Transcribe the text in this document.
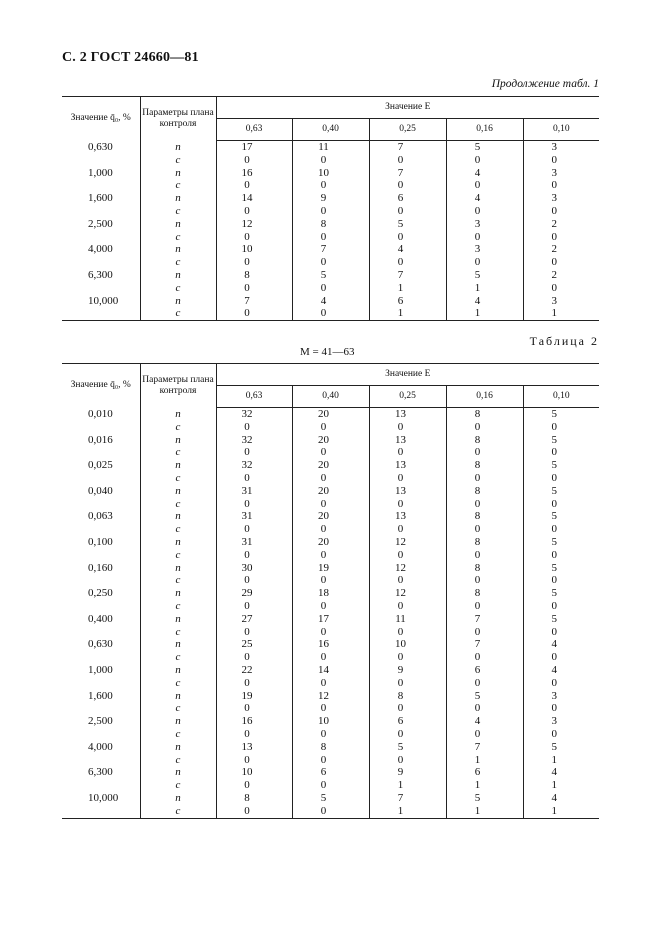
С. 2 ГОСТ 24660—81
Продолжение табл. 1
Таблица 2
M = 41—63
Значение q̄₀, %	Параметры плана контроля	Значение E				
		0,63	0,40	0,25	0,16	0,10
0,630	n	17	11	7	5	3
	c	0	0	0	0	0
1,000	n	16	10	7	4	3
	c	0	0	0	0	0
1,600	n	14	9	6	4	3
	c	0	0	0	0	0
2,500	n	12	8	5	3	2
	c	0	0	0	0	0
4,000	n	10	7	4	3	2
	c	0	0	0	0	0
6,300	n	8	5	7	5	2
	c	0	0	1	1	0
10,000	n	7	4	6	4	3
	c	0	0	1	1	1
Значение q̄₀, %	Параметры плана контроля	Значение E				
		0,63	0,40	0,25	0,16	0,10
0,010	n	32	20	13	8	5
	c	0	0	0	0	0
0,016	n	32	20	13	8	5
	c	0	0	0	0	0
0,025	n	32	20	13	8	5
	c	0	0	0	0	0
0,040	n	31	20	13	8	5
	c	0	0	0	0	0
0,063	n	31	20	13	8	5
	c	0	0	0	0	0
0,100	n	31	20	12	8	5
	c	0	0	0	0	0
0,160	n	30	19	12	8	5
	c	0	0	0	0	0
0,250	n	29	18	12	8	5
	c	0	0	0	0	0
0,400	n	27	17	11	7	5
	c	0	0	0	0	0
0,630	n	25	16	10	7	4
	c	0	0	0	0	0
1,000	n	22	14	9	6	4
	c	0	0	0	0	0
1,600	n	19	12	8	5	3
	c	0	0	0	0	0
2,500	n	16	10	6	4	3
	c	0	0	0	0	0
4,000	n	13	8	5	7	5
	c	0	0	0	1	1
6,300	n	10	6	9	6	4
	c	0	0	1	1	1
10,000	n	8	5	7	5	4
	c	0	0	1	1	1
